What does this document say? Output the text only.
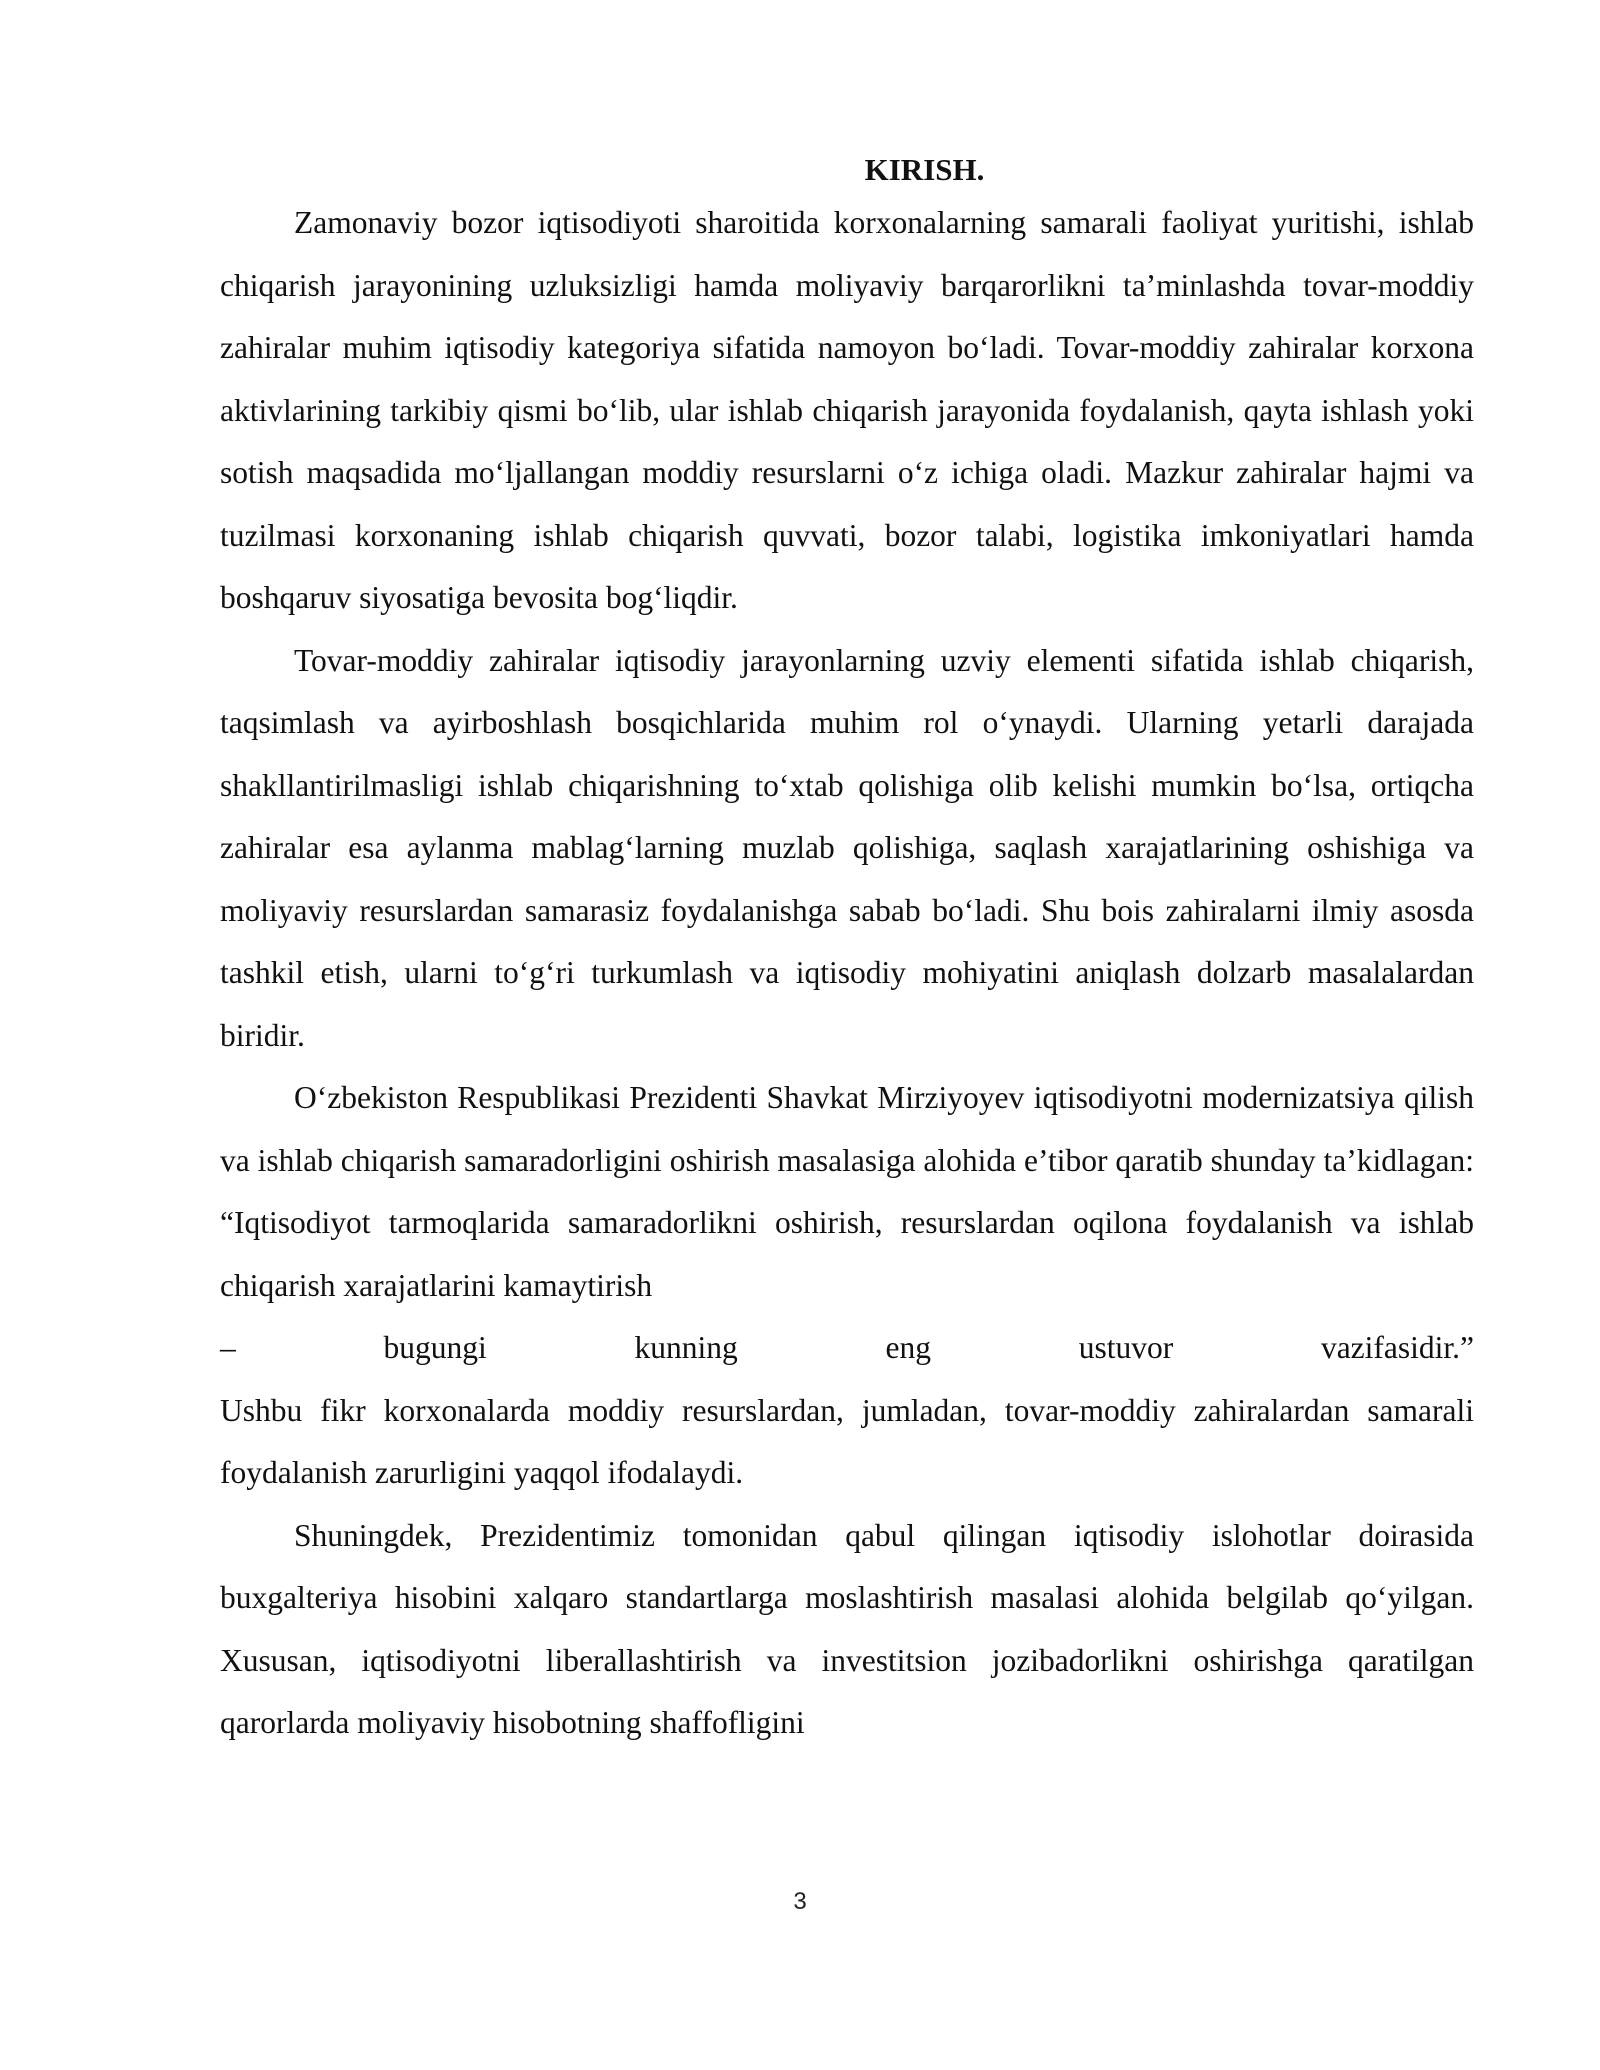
KIRISH.

Zamonaviy bozor iqtisodiyoti sharoitida korxonalarning samarali faoliyat yuritishi, ishlab chiqarish jarayonining uzluksizligi hamda moliyaviy barqarorlikni ta’minlashda tovar-moddiy zahiralar muhim iqtisodiy kategoriya sifatida namoyon bo‘ladi. Tovar-moddiy zahiralar korxona aktivlarining tarkibiy qismi bo‘lib, ular ishlab chiqarish jarayonida foydalanish, qayta ishlash yoki sotish maqsadida mo‘ljallangan moddiy resurslarni o‘z ichiga oladi. Mazkur zahiralar hajmi va tuzilmasi korxonaning ishlab chiqarish quvvati, bozor talabi, logistika imkoniyatlari hamda boshqaruv siyosatiga bevosita bog‘liqdir.

Tovar-moddiy zahiralar iqtisodiy jarayonlarning uzviy elementi sifatida ishlab chiqarish, taqsimlash va ayirboshlash bosqichlarida muhim rol o‘ynaydi. Ularning yetarli darajada shakllantirilmasligi ishlab chiqarishning to‘xtab qolishiga olib kelishi mumkin bo‘lsa, ortiqcha zahiralar esa aylanma mablag‘larning muzlab qolishiga, saqlash xarajatlarining oshishiga va moliyaviy resurslardan samarasiz foydalanishga sabab bo‘ladi. Shu bois zahiralarni ilmiy asosda tashkil etish, ularni to‘g‘ri turkumlash va iqtisodiy mohiyatini aniqlash dolzarb masalalardan biridir.

O‘zbekiston Respublikasi Prezidenti Shavkat Mirziyoyev iqtisodiyotni modernizatsiya qilish va ishlab chiqarish samaradorligini oshirish masalasiga alohida e’tibor qaratib shunday ta’kidlagan: “Iqtisodiyot tarmoqlarida samaradorlikni oshirish, resurslardan oqilona foydalanish va ishlab chiqarish xarajatlarini kamaytirish

–	bugungi	kunning	eng	ustuvor	vazifasidir.”

Ushbu fikr korxonalarda moddiy resurslardan, jumladan, tovar-moddiy zahiralardan samarali foydalanish zarurligini yaqqol ifodalaydi.

Shuningdek, Prezidentimiz tomonidan qabul qilingan iqtisodiy islohotlar doirasida buxgalteriya hisobini xalqaro standartlarga moslashtirish masalasi alohida belgilab qo‘yilgan. Xususan, iqtisodiyotni liberallashtirish va investitsion jozibadorlikni oshirishga qaratilgan qarorlarda moliyaviy hisobotning shaffofligini

3
